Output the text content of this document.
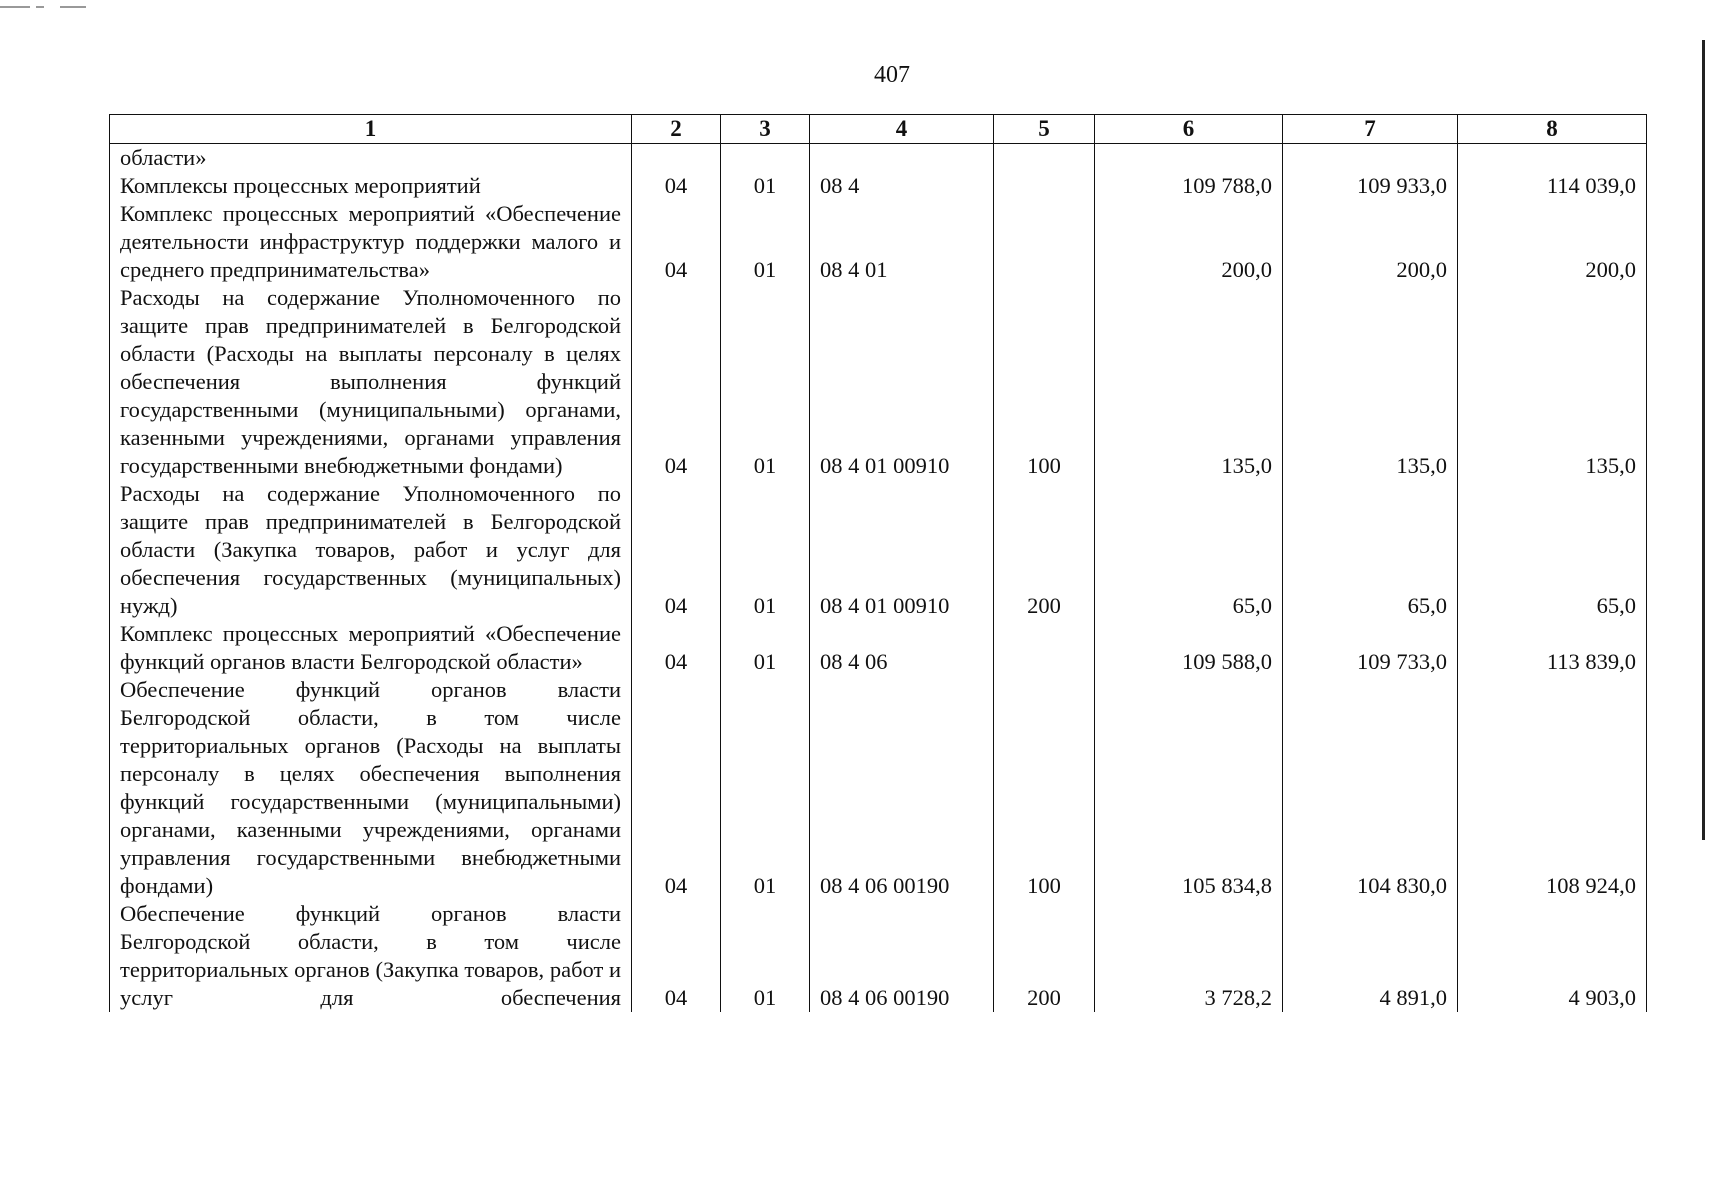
407
1	2	3	4	5	6	7	8
области»							
Комплексы процессных мероприятий	04	01	08 4		109 788,0	109 933,0	114 039,0
Комплекс процессных мероприятий «Обеспечение деятельности инфраструктур поддержки малого и среднего предпринимательства»	04	01	08 4 01		200,0	200,0	200,0
Расходы на содержание Уполномоченного по защите прав предпринимателей в Белгородской области (Расходы на выплаты персоналу в целях обеспечения выполнения функций государственными (муниципальными) органами, казенными учреждениями, органами управления государственными внебюджетными фондами)	04	01	08 4 01 00910	100	135,0	135,0	135,0
Расходы на содержание Уполномоченного по защите прав предпринимателей в Белгородской области (Закупка товаров, работ и услуг для обеспечения государственных (муниципальных) нужд)	04	01	08 4 01 00910	200	65,0	65,0	65,0
Комплекс процессных мероприятий «Обеспечение функций органов власти Белгородской области»	04	01	08 4 06		109 588,0	109 733,0	113 839,0
Обеспечение функций органов власти Белгородской области, в том числе территориальных органов (Расходы на выплаты персоналу в целях обеспечения выполнения функций государственными (муниципальными) органами, казенными учреждениями, органами управления государственными внебюджетными фондами)	04	01	08 4 06 00190	100	105 834,8	104 830,0	108 924,0
Обеспечение функций органов власти Белгородской области, в том числе территориальных органов (Закупка товаров, работ и услуг для обеспечения	04	01	08 4 06 00190	200	3 728,2	4 891,0	4 903,0
